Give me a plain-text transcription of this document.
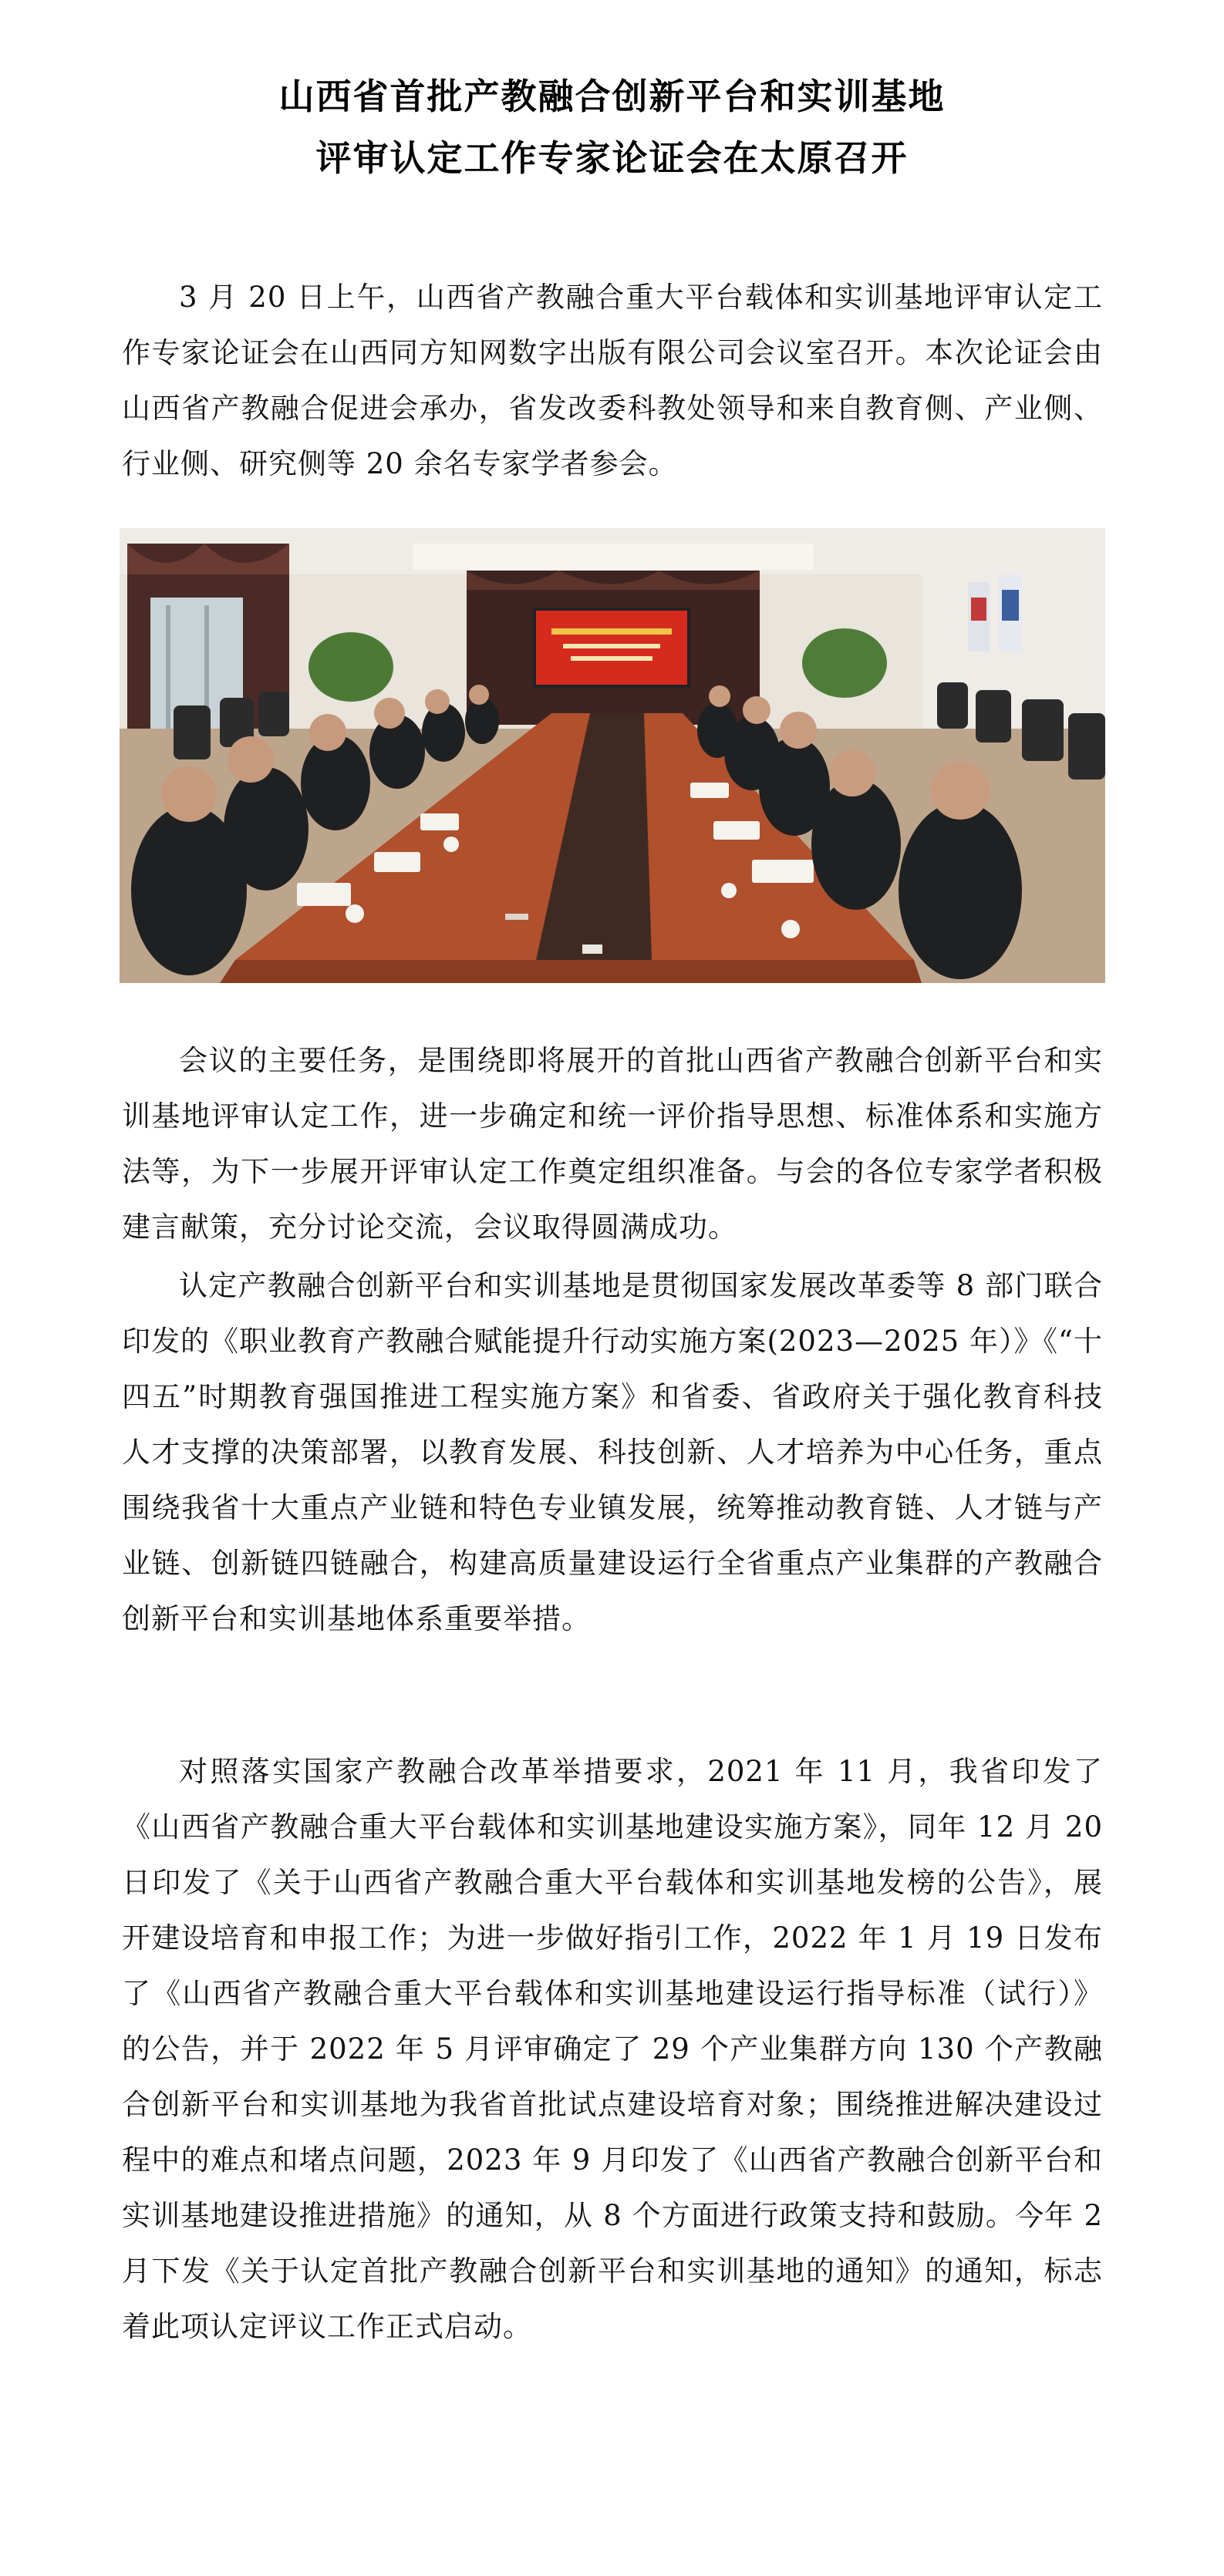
山西省首批产教融合创新平台和实训基地
评审认定工作专家论证会在太原召开

3 月 20 日上午，山西省产教融合重大平台载体和实训基地评审认定工作专家论证会在山西同方知网数字出版有限公司会议室召开。本次论证会由山西省产教融合促进会承办，省发改委科教处领导和来自教育侧、产业侧、行业侧、研究侧等 20 余名专家学者参会。

会议的主要任务，是围绕即将展开的首批山西省产教融合创新平台和实训基地评审认定工作，进一步确定和统一评价指导思想、标准体系和实施方法等，为下一步展开评审认定工作奠定组织准备。与会的各位专家学者积极建言献策，充分讨论交流，会议取得圆满成功。

认定产教融合创新平台和实训基地是贯彻国家发展改革委等 8 部门联合印发的《职业教育产教融合赋能提升行动实施方案(2023—2025 年）》《“十四五”时期教育强国推进工程实施方案》和省委、省政府关于强化教育科技人才支撑的决策部署，以教育发展、科技创新、人才培养为中心任务，重点围绕我省十大重点产业链和特色专业镇发展，统筹推动教育链、人才链与产业链、创新链四链融合，构建高质量建设运行全省重点产业集群的产教融合创新平台和实训基地体系重要举措。

对照落实国家产教融合改革举措要求，2021 年 11 月，我省印发了《山西省产教融合重大平台载体和实训基地建设实施方案》，同年 12 月 20 日印发了《关于山西省产教融合重大平台载体和实训基地发榜的公告》，展开建设培育和申报工作；为进一步做好指引工作，2022 年 1 月 19 日发布了《山西省产教融合重大平台载体和实训基地建设运行指导标准（试行）》的公告，并于 2022 年 5 月评审确定了 29 个产业集群方向 130 个产教融合创新平台和实训基地为我省首批试点建设培育对象；围绕推进解决建设过程中的难点和堵点问题，2023 年 9 月印发了《山西省产教融合创新平台和实训基地建设推进措施》的通知，从 8 个方面进行政策支持和鼓励。今年 2 月下发《关于认定首批产教融合创新平台和实训基地的通知》的通知，标志着此项认定评议工作正式启动。
